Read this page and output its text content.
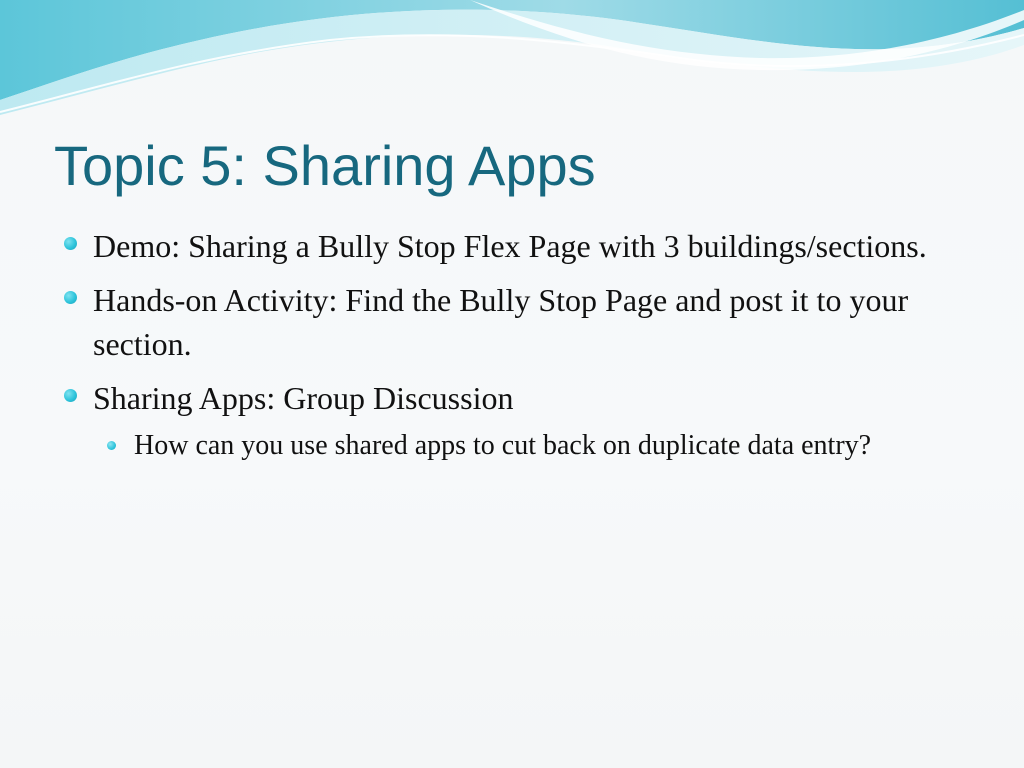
Topic 5: Sharing Apps
Demo: Sharing a Bully Stop Flex Page with 3 buildings/sections.
Hands-on Activity: Find the Bully Stop Page and post it to your section.
Sharing Apps: Group Discussion
How can you use shared apps to cut back on duplicate data entry?
